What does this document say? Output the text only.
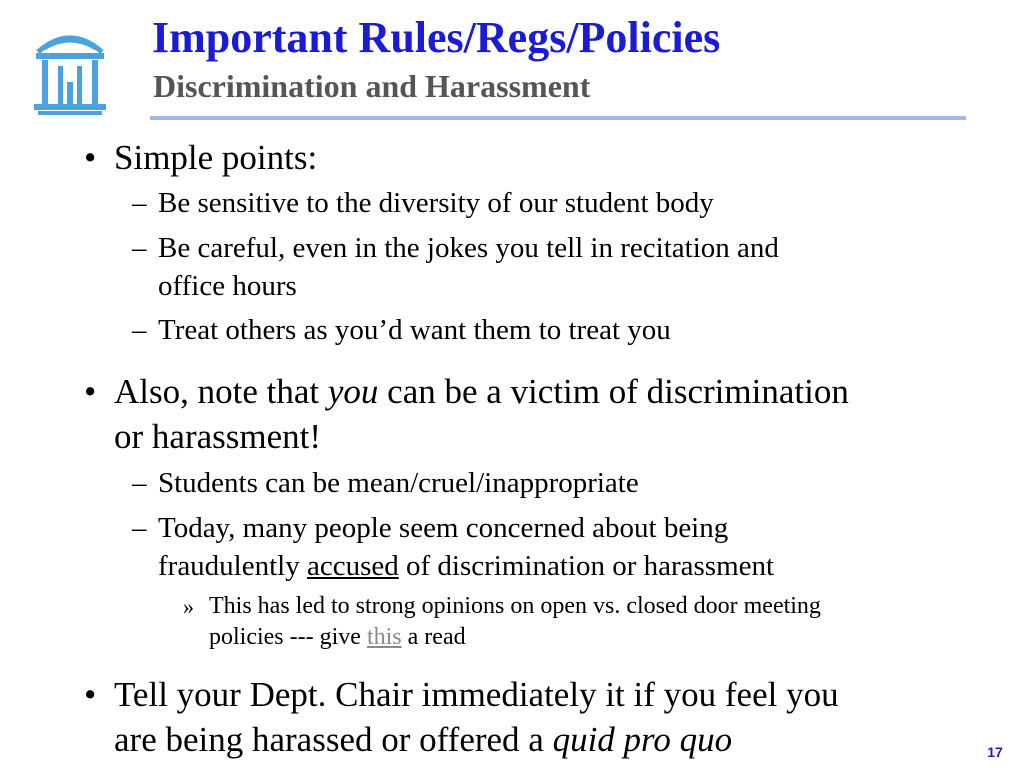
Important Rules/Regs/Policies
Discrimination and Harassment
• Simple points:
– Be sensitive to the diversity of our student body
– Be careful, even in the jokes you tell in recitation and
office hours
– Treat others as you’d want them to treat you
• Also, note that you can be a victim of discrimination
or harassment!
– Students can be mean/cruel/inappropriate
– Today, many people seem concerned about being
fraudulently accused of discrimination or harassment
» This has led to strong opinions on open vs. closed door meeting
policies --- give this a read
• Tell your Dept. Chair immediately it if you feel you
are being harassed or offered a quid pro quo	17
